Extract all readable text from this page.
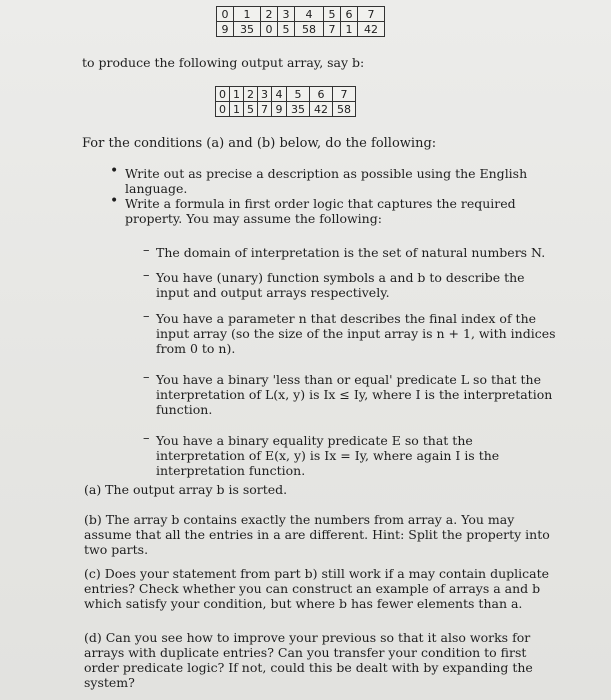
0	1	2	3	4	5	6	7
9	35	0	5	58	7	1	42
to produce the following output array, say b:
0	1	2	3	4	5	6	7
0	1	5	7	9	35	42	58
For the conditions (a) and (b) below, do the following:
• Write out as precise a description as possible using the English language.
• Write a formula in first order logic that captures the required property. You may assume the following:
– The domain of interpretation is the set of natural numbers N.
– You have (unary) function symbols a and b to describe the input and output arrays respectively.
– You have a parameter n that describes the final index of the input array (so the size of the input array is n + 1, with indices from 0 to n).
– You have a binary 'less than or equal' predicate L so that the interpretation of L(x, y) is Ix ≤ Iy, where I is the interpretation function.
– You have a binary equality predicate E so that the interpretation of E(x, y) is Ix = Iy, where again I is the interpretation function.
(a) The output array b is sorted.
(b) The array b contains exactly the numbers from array a. You may assume that all the entries in a are different. Hint: Split the property into two parts.
(c) Does your statement from part b) still work if a may contain duplicate entries? Check whether you can construct an example of arrays a and b which satisfy your condition, but where b has fewer elements than a.
(d) Can you see how to improve your previous so that it also works for arrays with duplicate entries? Can you transfer your condition to first order predicate logic? If not, could this be dealt with by expanding the system?
